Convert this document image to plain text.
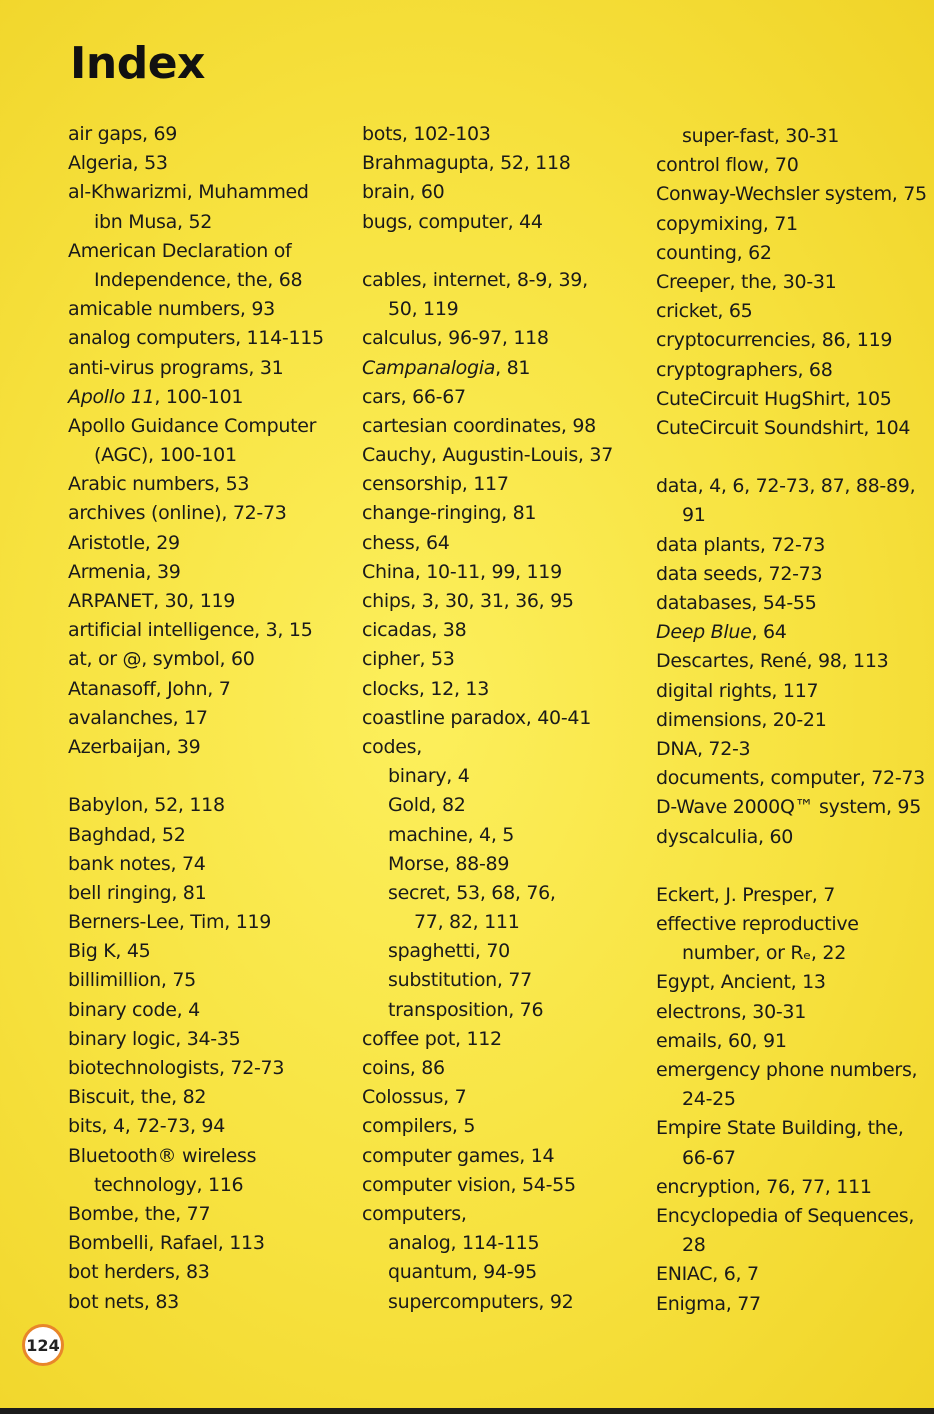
Index
air gaps, 69
Algeria, 53
al-Khwarizmi, Muhammed
ibn Musa, 52
American Declaration of
Independence, the, 68
amicable numbers, 93
analog computers, 114-115
anti-virus programs, 31
Apollo 11, 100-101
Apollo Guidance Computer
(AGC), 100-101
Arabic numbers, 53
archives (online), 72-73
Aristotle, 29
Armenia, 39
ARPANET, 30, 119
artificial intelligence, 3, 15
at, or @, symbol, 60
Atanasoff, John, 7
avalanches, 17
Azerbaijan, 39
Babylon, 52, 118
Baghdad, 52
bank notes, 74
bell ringing, 81
Berners-Lee, Tim, 119
Big K, 45
billimillion, 75
binary code, 4
binary logic, 34-35
biotechnologists, 72-73
Biscuit, the, 82
bits, 4, 72-73, 94
Bluetooth® wireless
technology, 116
Bombe, the, 77
Bombelli, Rafael, 113
bot herders, 83
bot nets, 83
bots, 102-103
Brahmagupta, 52, 118
brain, 60
bugs, computer, 44
cables, internet, 8-9, 39,
50, 119
calculus, 96-97, 118
Campanalogia, 81
cars, 66-67
cartesian coordinates, 98
Cauchy, Augustin-Louis, 37
censorship, 117
change-ringing, 81
chess, 64
China, 10-11, 99, 119
chips, 3, 30, 31, 36, 95
cicadas, 38
cipher, 53
clocks, 12, 13
coastline paradox, 40-41
codes,
binary, 4
Gold, 82
machine, 4, 5
Morse, 88-89
secret, 53, 68, 76,
77, 82, 111
spaghetti, 70
substitution, 77
transposition, 76
coffee pot, 112
coins, 86
Colossus, 7
compilers, 5
computer games, 14
computer vision, 54-55
computers,
analog, 114-115
quantum, 94-95
supercomputers, 92
super-fast, 30-31
control flow, 70
Conway-Wechsler system, 75
copymixing, 71
counting, 62
Creeper, the, 30-31
cricket, 65
cryptocurrencies, 86, 119
cryptographers, 68
CuteCircuit HugShirt, 105
CuteCircuit Soundshirt, 104
data, 4, 6, 72-73, 87, 88-89,
91
data plants, 72-73
data seeds, 72-73
databases, 54-55
Deep Blue, 64
Descartes, René, 98, 113
digital rights, 117
dimensions, 20-21
DNA, 72-3
documents, computer, 72-73
D-Wave 2000Q™ system, 95
dyscalculia, 60
Eckert, J. Presper, 7
effective reproductive
number, or Rₑ, 22
Egypt, Ancient, 13
electrons, 30-31
emails, 60, 91
emergency phone numbers,
24-25
Empire State Building, the,
66-67
encryption, 76, 77, 111
Encyclopedia of Sequences,
28
ENIAC, 6, 7
Enigma, 77
124
